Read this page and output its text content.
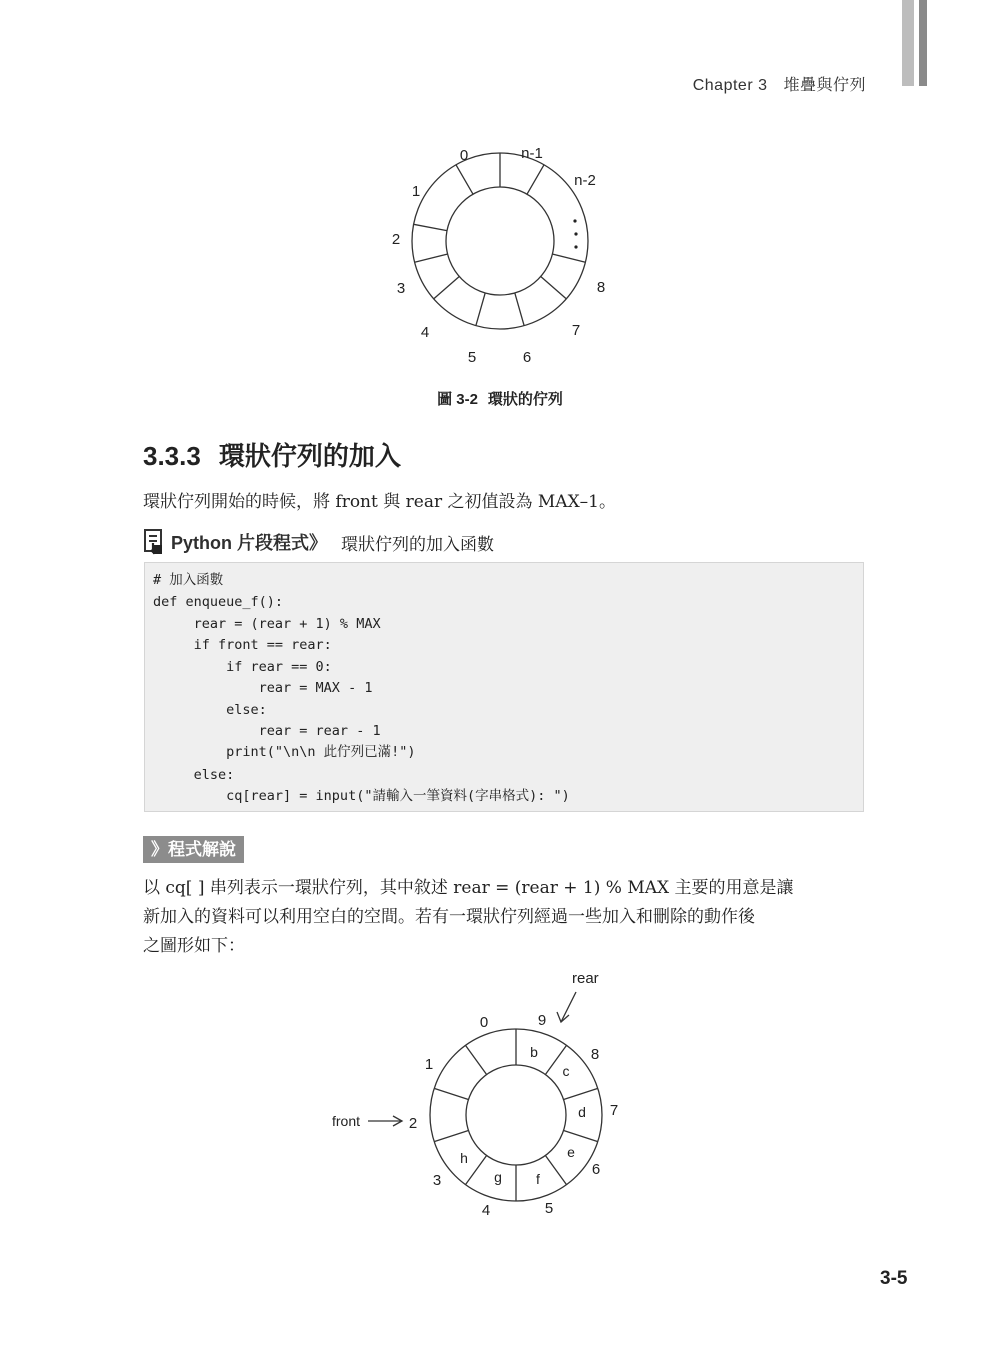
Chapter 3 堆疊與佇列
0	n-1
n-2
1
2
3
4
5	6
7
8
圖 3-2 環狀的佇列
3.3.3 環狀佇列的加入
環狀佇列開始的時候，將 front 與 rear 之初值設為 MAX–1。
Python 片段程式》 環狀佇列的加入函數
# 加入函數
def enqueue_f():
rear = (rear + 1) % MAX
if front == rear:
if rear == 0:
rear = MAX - 1
else:
rear = rear - 1
print("\n\n 此佇列已滿!")
else:
cq[rear] = input("請輸入一筆資料(字串格式): ")
》程式解說
以 cq[ ] 串列表示一環狀佇列，其中敘述 rear = (rear + 1) % MAX 主要的用意是讓
新加入的資料可以利用空白的空間。若有一環狀佇列經過一些加入和刪除的動作後
之圖形如下：
0	9
8
1
7
2
6
3
4	5
b
c
d
e
f
g
h
rear
front
3-5
